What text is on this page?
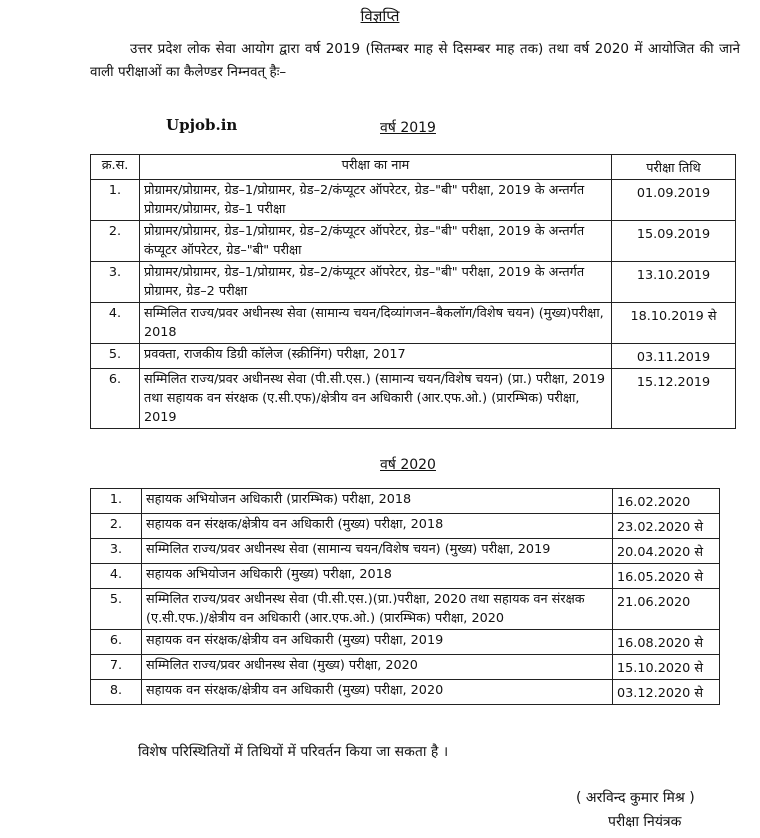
विज्ञप्ति

उत्तर प्रदेश लोक सेवा आयोग द्वारा वर्ष 2019 (सितम्बर माह से दिसम्बर माह तक) तथा वर्ष 2020 में आयोजित की जाने वाली परीक्षाओं का कैलेण्डर निम्नवत् हैः–

Upjob.in	वर्ष 2019
क्र.स.	परीक्षा का नाम	परीक्षा तिथि
1.	प्रोग्रामर/प्रोग्रामर, ग्रेड–1/प्रोग्रामर, ग्रेड–2/कंप्यूटर ऑपरेटर, ग्रेड–"बी" परीक्षा, 2019 के अन्तर्गत प्रोग्रामर/प्रोग्रामर, ग्रेड–1 परीक्षा	01.09.2019
2.	प्रोग्रामर/प्रोग्रामर, ग्रेड–1/प्रोग्रामर, ग्रेड–2/कंप्यूटर ऑपरेटर, ग्रेड–"बी" परीक्षा, 2019 के अन्तर्गत कंप्यूटर ऑपरेटर, ग्रेड–"बी" परीक्षा	15.09.2019
3.	प्रोग्रामर/प्रोग्रामर, ग्रेड–1/प्रोग्रामर, ग्रेड–2/कंप्यूटर ऑपरेटर, ग्रेड–"बी" परीक्षा, 2019 के अन्तर्गत प्रोग्रामर, ग्रेड–2 परीक्षा	13.10.2019
4.	सम्मिलित राज्य/प्रवर अधीनस्थ सेवा (सामान्य चयन/दिव्यांगजन–बैकलॉग/विशेष चयन) (मुख्य)परीक्षा, 2018	18.10.2019 से
5.	प्रवक्ता, राजकीय डिग्री कॉलेज (स्क्रीनिंग) परीक्षा, 2017	03.11.2019
6.	सम्मिलित राज्य/प्रवर अधीनस्थ सेवा (पी.सी.एस.) (सामान्य चयन/विशेष चयन) (प्रा.) परीक्षा, 2019 तथा सहायक वन संरक्षक (ए.सी.एफ)/क्षेत्रीय वन अधिकारी (आर.एफ.ओ.) (प्रारम्भिक) परीक्षा, 2019	15.12.2019
वर्ष 2020
1.	सहायक अभियोजन अधिकारी (प्रारम्भिक) परीक्षा, 2018	16.02.2020
2.	सहायक वन संरक्षक/क्षेत्रीय वन अधिकारी (मुख्य) परीक्षा, 2018	23.02.2020 से
3.	सम्मिलित राज्य/प्रवर अधीनस्थ सेवा (सामान्य चयन/विशेष चयन) (मुख्य) परीक्षा, 2019	20.04.2020 से
4.	सहायक अभियोजन अधिकारी (मुख्य) परीक्षा, 2018	16.05.2020 से
5.	सम्मिलित राज्य/प्रवर अधीनस्थ सेवा (पी.सी.एस.)(प्रा.)परीक्षा, 2020 तथा सहायक वन संरक्षक (ए.सी.एफ.)/क्षेत्रीय वन अधिकारी (आर.एफ.ओ.) (प्रारम्भिक) परीक्षा, 2020	21.06.2020
6.	सहायक वन संरक्षक/क्षेत्रीय वन अधिकारी (मुख्य) परीक्षा, 2019	16.08.2020 से
7.	सम्मिलित राज्य/प्रवर अधीनस्थ सेवा (मुख्य) परीक्षा, 2020	15.10.2020 से
8.	सहायक वन संरक्षक/क्षेत्रीय वन अधिकारी (मुख्य) परीक्षा, 2020	03.12.2020 से
विशेष परिस्थितियों में तिथियों में परिवर्तन किया जा सकता है ।
( अरविन्द कुमार मिश्र )
परीक्षा नियंत्रक
